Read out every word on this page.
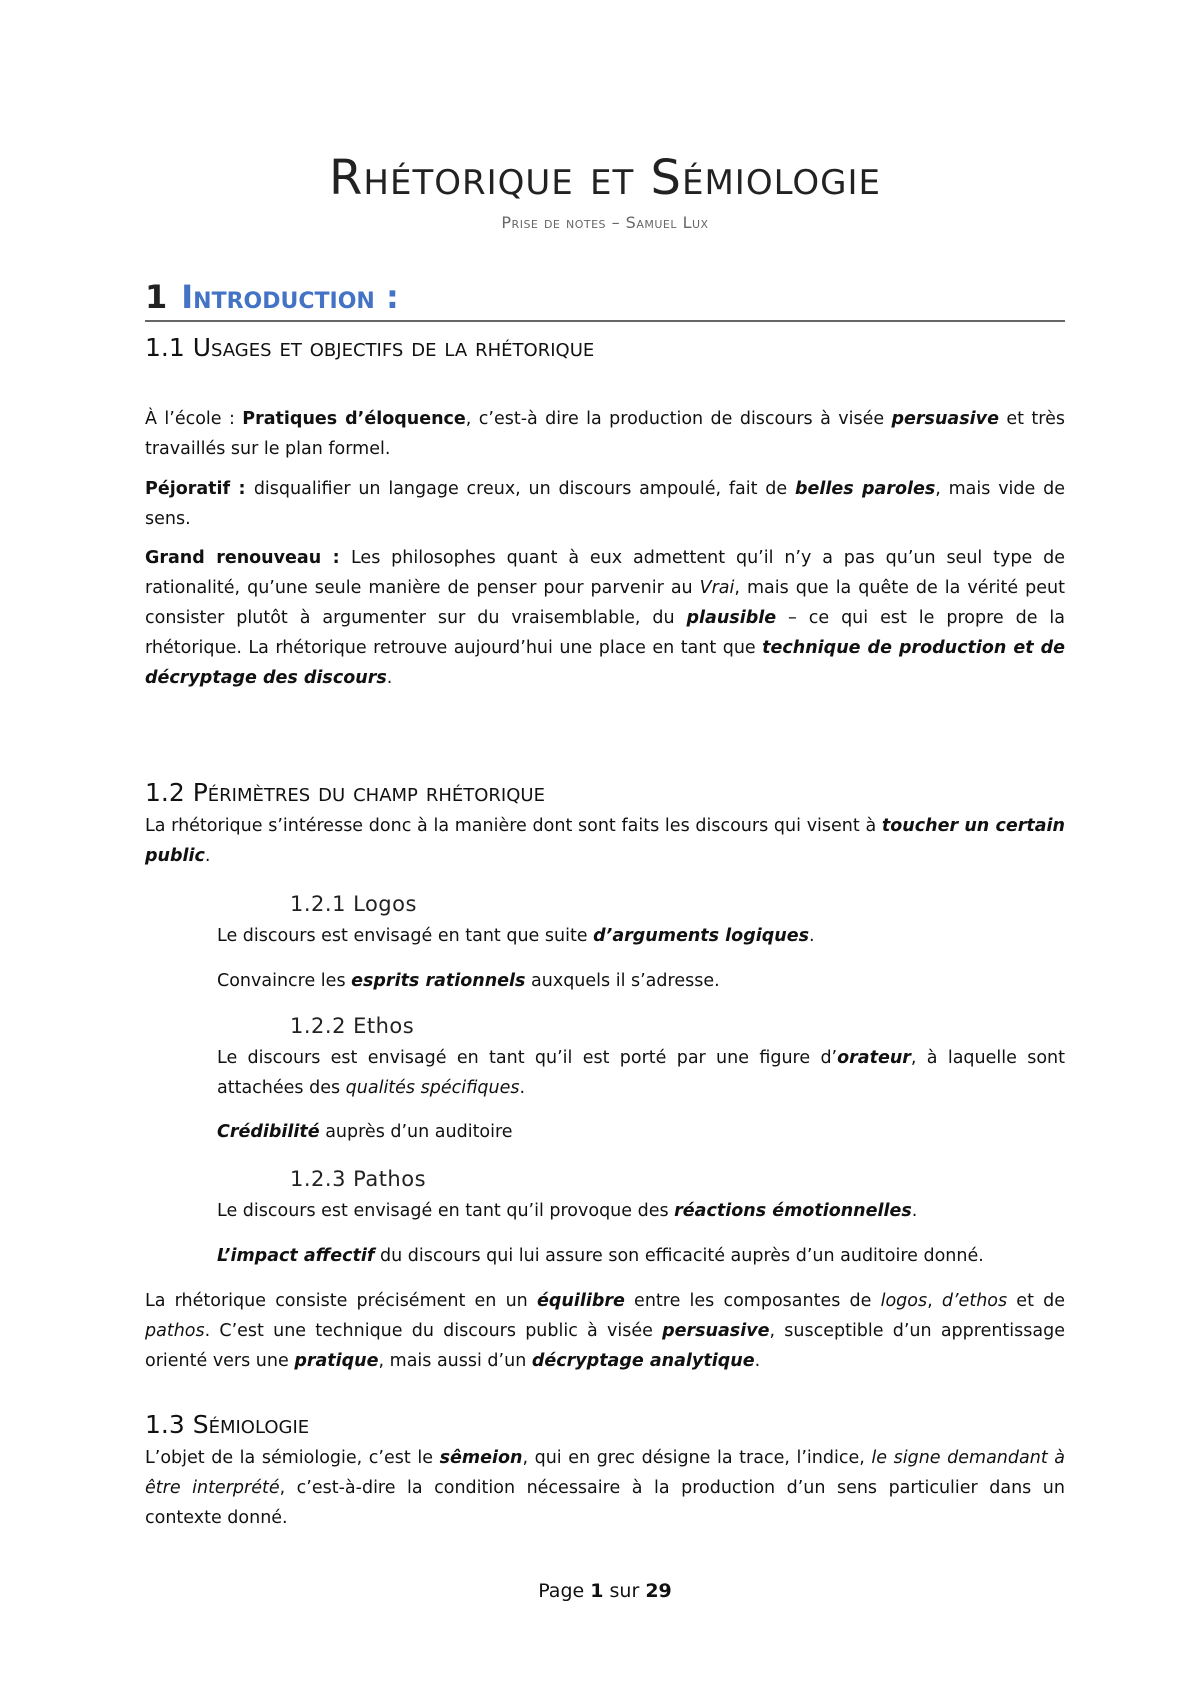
Rhétorique et Sémiologie
Prise de notes – Samuel Lux
1 Introduction :
1.1 Usages et objectifs de la rhétorique
À l’école : Pratiques d’éloquence, c’est-à dire la production de discours à visée persuasive et très travaillés sur le plan formel.
Péjoratif : disqualifier un langage creux, un discours ampoulé, fait de belles paroles, mais vide de sens.
Grand renouveau : Les philosophes quant à eux admettent qu’il n’y a pas qu’un seul type de rationalité, qu’une seule manière de penser pour parvenir au Vrai, mais que la quête de la vérité peut consister plutôt à argumenter sur du vraisemblable, du plausible – ce qui est le propre de la rhétorique. La rhétorique retrouve aujourd’hui une place en tant que technique de production et de décryptage des discours.
1.2 Périmètres du champ rhétorique
La rhétorique s’intéresse donc à la manière dont sont faits les discours qui visent à toucher un certain public.
1.2.1 Logos
Le discours est envisagé en tant que suite d’arguments logiques.
Convaincre les esprits rationnels auxquels il s’adresse.
1.2.2 Ethos
Le discours est envisagé en tant qu’il est porté par une figure d’orateur, à laquelle sont attachées des qualités spécifiques.
Crédibilité auprès d’un auditoire
1.2.3 Pathos
Le discours est envisagé en tant qu’il provoque des réactions émotionnelles.
L’impact affectif du discours qui lui assure son efficacité auprès d’un auditoire donné.
La rhétorique consiste précisément en un équilibre entre les composantes de logos, d’ethos et de pathos. C’est une technique du discours public à visée persuasive, susceptible d’un apprentissage orienté vers une pratique, mais aussi d’un décryptage analytique.
1.3 Sémiologie
L’objet de la sémiologie, c’est le sêmeion, qui en grec désigne la trace, l’indice, le signe demandant à être interprété, c’est-à-dire la condition nécessaire à la production d’un sens particulier dans un contexte donné.
Page 1 sur 29
